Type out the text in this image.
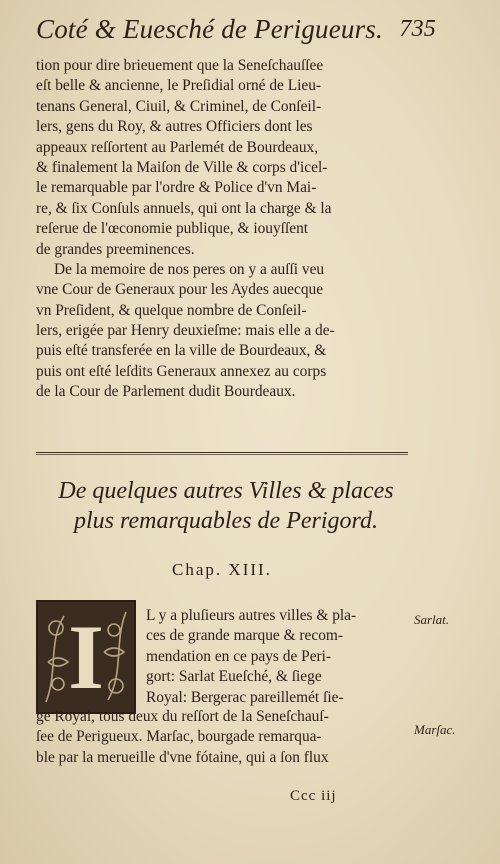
Coté & Euesché de Perigueurs. 735
tion pour dire brieuement que la Seneſchauſſee
eſt belle & ancienne, le Preſidial orné de Lieu-
tenans General, Ciuil, & Criminel, de Conſeil-
lers, gens du Roy, & autres Officiers dont les
appeaux reſſortent au Parlemét de Bourdeaux,
& finalement la Maiſon de Ville & corps d'icel-
le remarquable par l'ordre & Police d'vn Mai-
re, & ſix Conſuls annuels, qui ont la charge & la
reſerue de l'œconomie publique, & iouyſſent
de grandes preeminences.
De la memoire de nos peres on y a auſſi veu
vne Cour de Generaux pour les Aydes auecque
vn Preſident, & quelque nombre de Conſeil-
lers, erigée par Henry deuxieſme: mais elle a de-
puis eſté transferée en la ville de Bourdeaux, &
puis ont eſté leſdits Generaux annexez au corps
de la Cour de Parlement dudit Bourdeaux.
De quelques autres Villes & places
plus remarquables de Perigord.
Chap. XIII.
I	L y a pluſieurs autres villes & pla-
ces de grande marque & recom-
mendation en ce pays de Peri-
gort: Sarlat Eueſché, & ſiege
Royal: Bergerac pareillemét ſie-
ge Royal, tous deux du reſſort de la Seneſchauſ-
ſee de Perigueux. Marſac, bourgade remarqua-
ble par la merueille d'vne fótaine, qui a ſon flux
Sarlat.
Marſac.
Ccc iij
